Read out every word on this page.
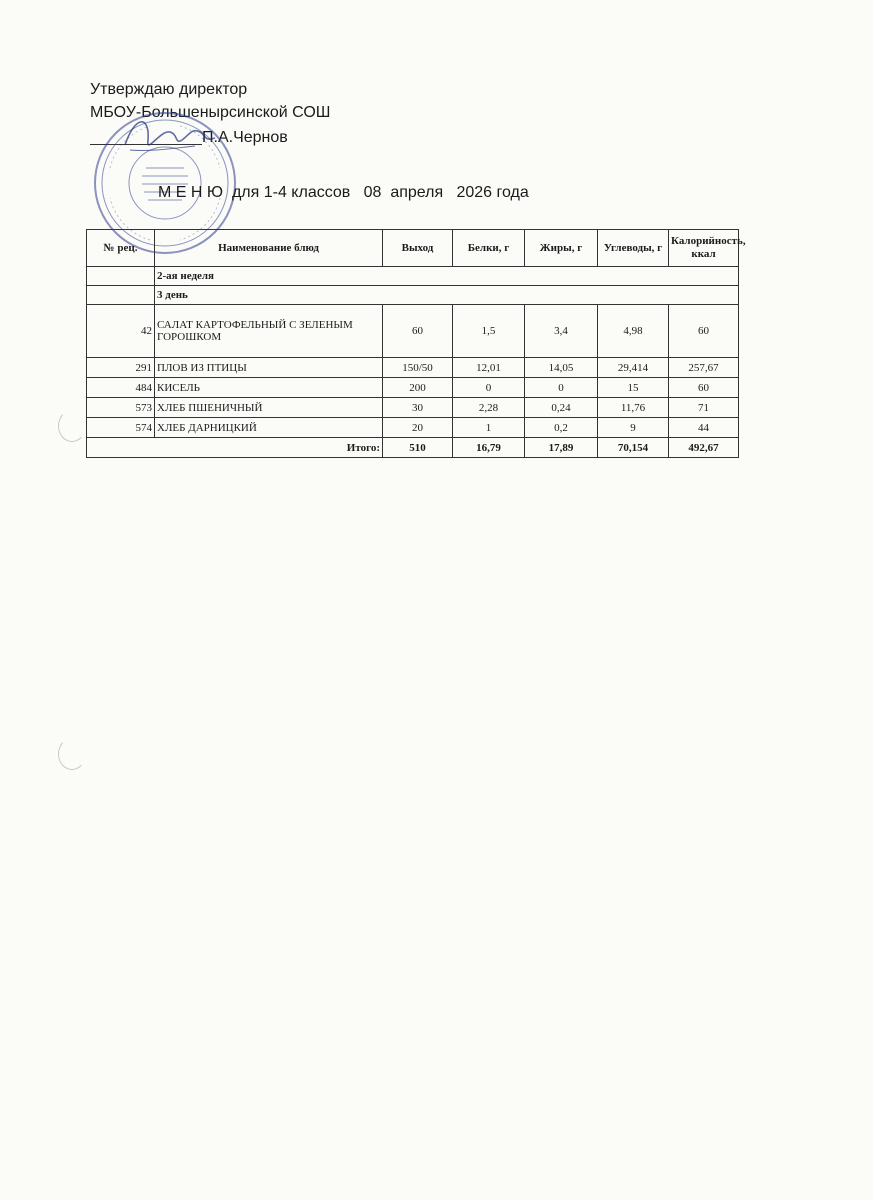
Утверждаю директор
МБОУ-Большенырсинской СОШ
П.А.Чернов
М Е Н Ю  для 1-4 классов   08  апреля   2026 года
№ рец.	Наименование блюд	Выход	Белки, г	Жиры, г	Углеводы, г	Калорийность, ккал
	2-ая неделя					
	3 день					
42	САЛАТ КАРТОФЕЛЬНЫЙ С ЗЕЛЕНЫМ ГОРОШКОМ	60	1,5	3,4	4,98	60
291	ПЛОВ ИЗ ПТИЦЫ	150/50	12,01	14,05	29,414	257,67
484	КИСЕЛЬ	200	0	0	15	60
573	ХЛЕБ ПШЕНИЧНЫЙ	30	2,28	0,24	11,76	71
574	ХЛЕБ ДАРНИЦКИЙ	20	1	0,2	9	44
Итого:		510	16,79	17,89	70,154	492,67
